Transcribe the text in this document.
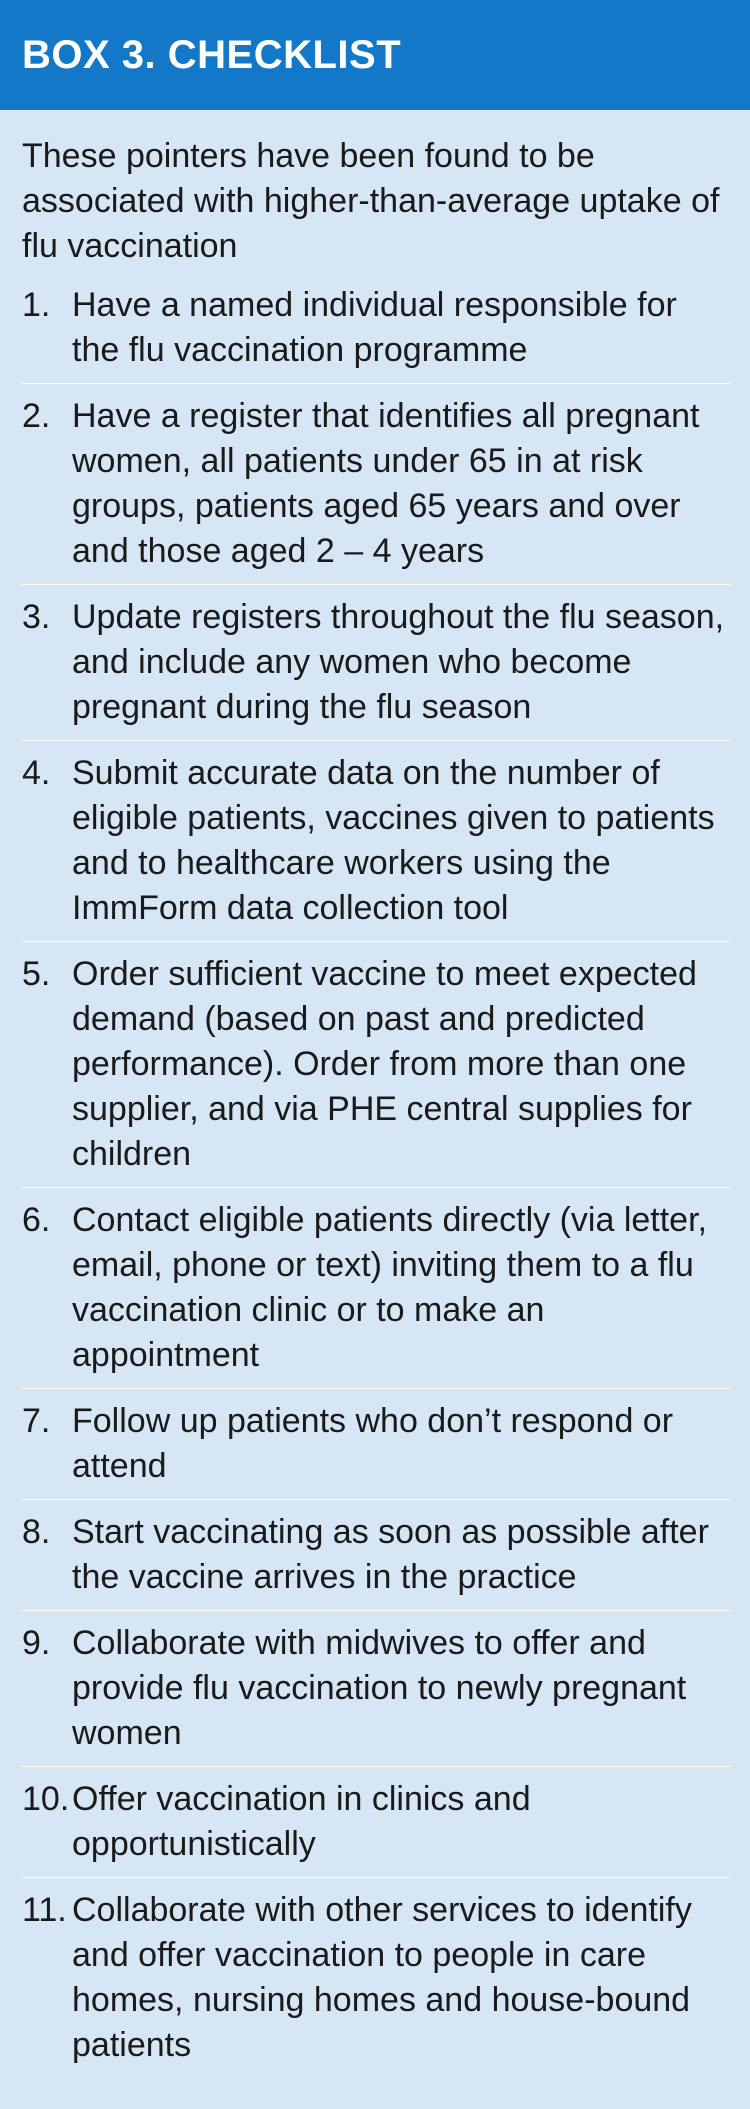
BOX 3. CHECKLIST

These pointers have been found to be associated with higher-than-average uptake of flu vaccination

1. Have a named individual responsible for the flu vaccination programme
2. Have a register that identifies all pregnant women, all patients under 65 in at risk groups, patients aged 65 years and over and those aged 2 – 4 years
3. Update registers throughout the flu season, and include any women who become pregnant during the flu season
4. Submit accurate data on the number of eligible patients, vaccines given to patients and to healthcare workers using the ImmForm data collection tool
5. Order sufficient vaccine to meet expected demand (based on past and predicted performance). Order from more than one supplier, and via PHE central supplies for children
6. Contact eligible patients directly (via letter, email, phone or text) inviting them to a flu vaccination clinic or to make an appointment
7. Follow up patients who don’t respond or attend
8. Start vaccinating as soon as possible after the vaccine arrives in the practice
9. Collaborate with midwives to offer and provide flu vaccination to newly pregnant women
10. Offer vaccination in clinics and opportunistically
11. Collaborate with other services to identify and offer vaccination to people in care homes, nursing homes and house-bound patients
